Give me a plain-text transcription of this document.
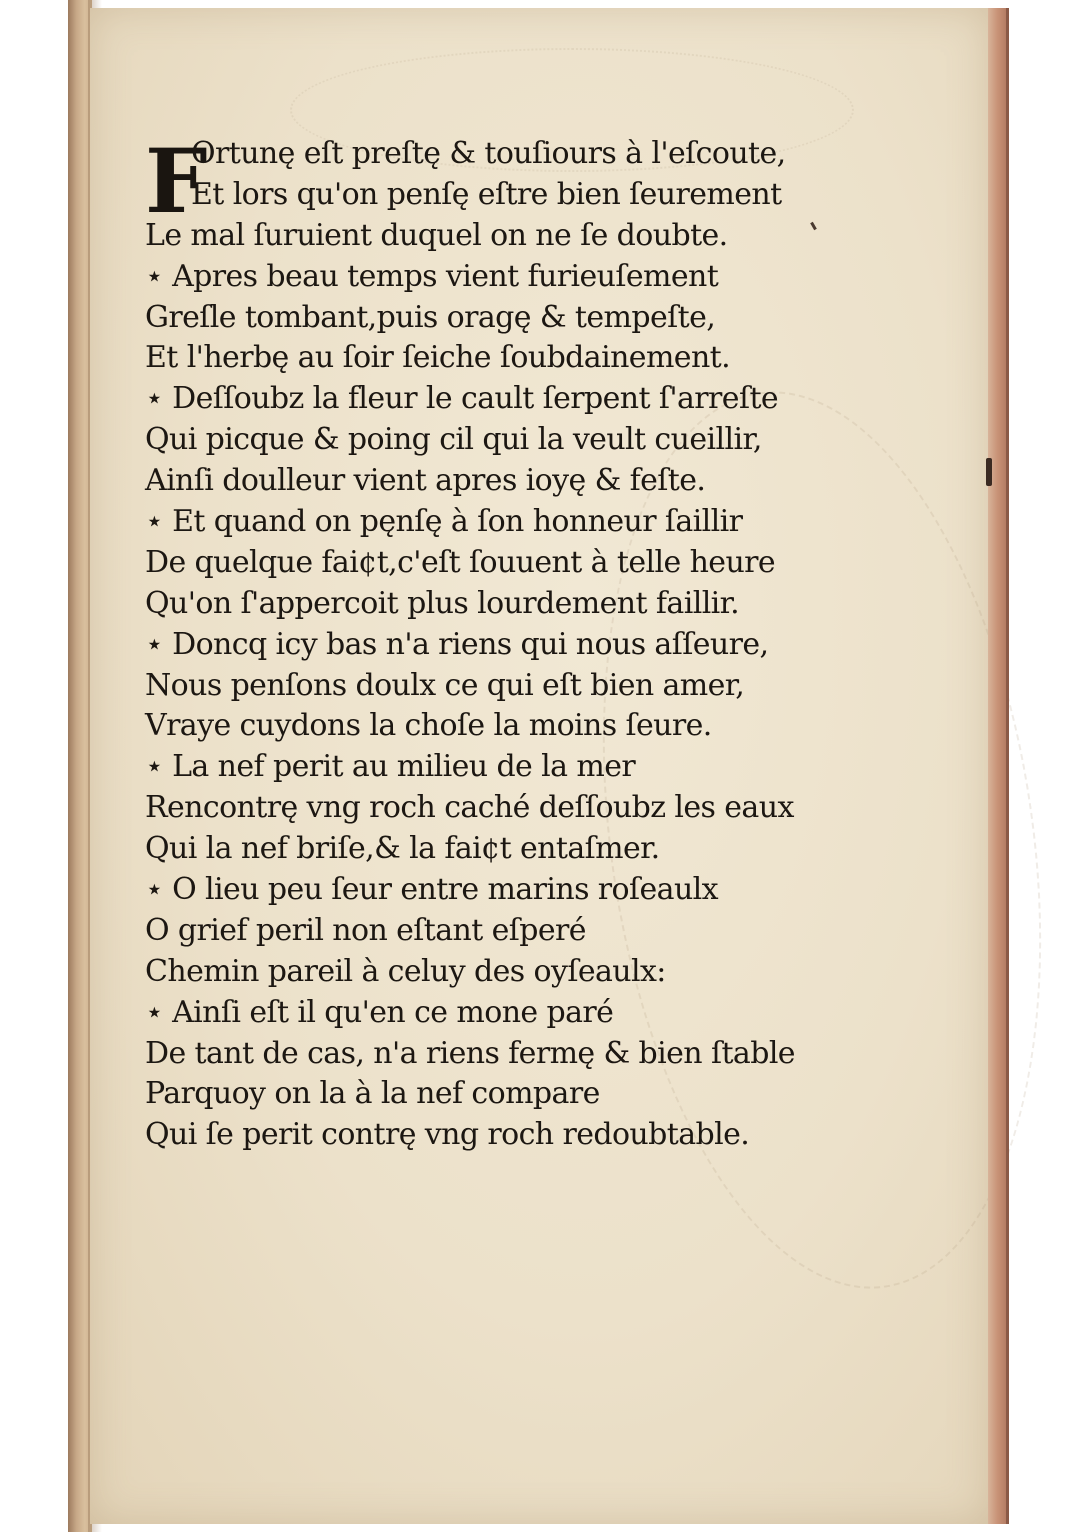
F
Ortunę eſt preſtę & touſiours à l'eſcoute,
Et lors qu'on penſę eſtre bien ſeurement
Le mal ſuruient duquel on ne ſe doubte.
⋆ Apres beau temps vient furieuſement
Greſle tombant,puis oragę & tempeſte,
Et l'herbę au ſoir ſeiche ſoubdainement.
⋆ Deſſoubz la fleur le cault ſerpent ſ'arreſte
Qui picque & poing cil qui la veult cueillir,
Ainſi doulleur vient apres ioyę & feſte.
⋆ Et quand on pęnſę à ſon honneur ſaillir
De quelque fai¢t,c'eſt ſouuent à telle heure
Qu'on ſ'appercoit plus lourdement faillir.
⋆ Doncq icy bas n'a riens qui nous aſſeure,
Nous penſons doulx ce qui eſt bien amer,
Vraye cuydons la choſe la moins ſeure.
⋆ La nef perit au milieu de la mer
Rencontrę vng roch caché deſſoubz les eaux
Qui la nef briſe,& la fai¢t entaſmer.
⋆ O lieu peu ſeur entre marins roſeaulx
O grief peril non eſtant eſperé
Chemin pareil à celuy des oyſeaulx:
⋆ Ainſi eſt il qu'en ce mone paré
De tant de cas, n'a riens fermę & bien ſtable
Parquoy on la à la nef compare
Qui ſe perit contrę vng roch redoubtable.
